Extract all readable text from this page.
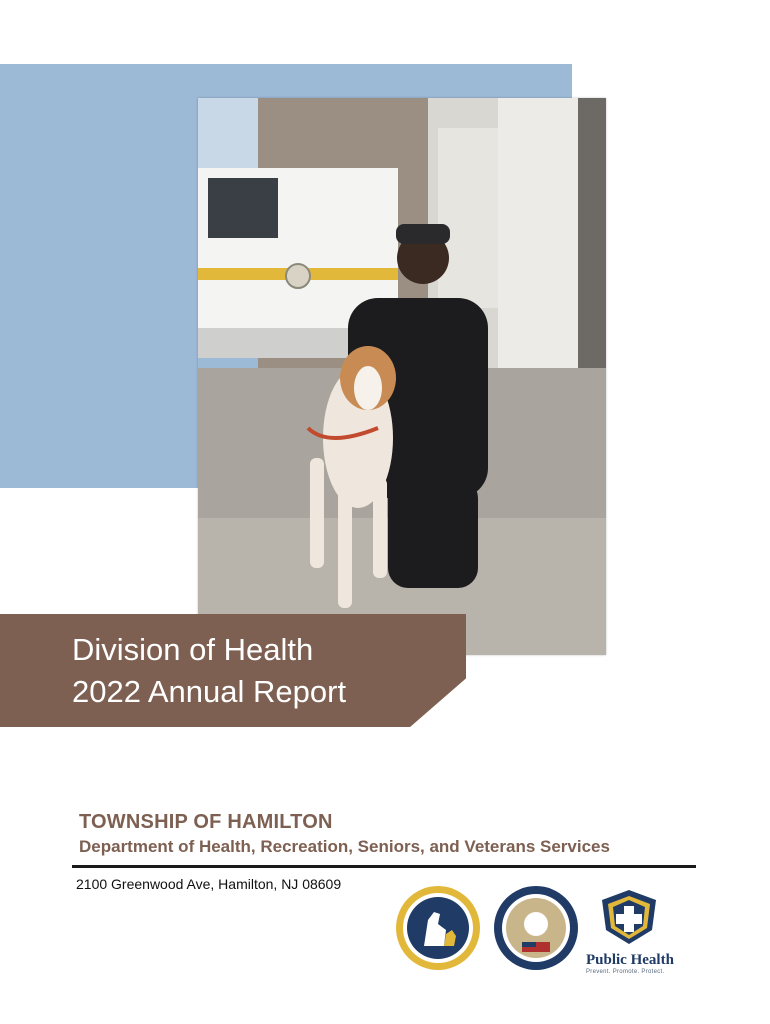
Division of Health
2022 Annual Report
TOWNSHIP OF HAMILTON
Department of Health, Recreation, Seniors, and Veterans Services
2100 Greenwood Ave, Hamilton, NJ 08609
Public Health
Prevent. Promote. Protect.
